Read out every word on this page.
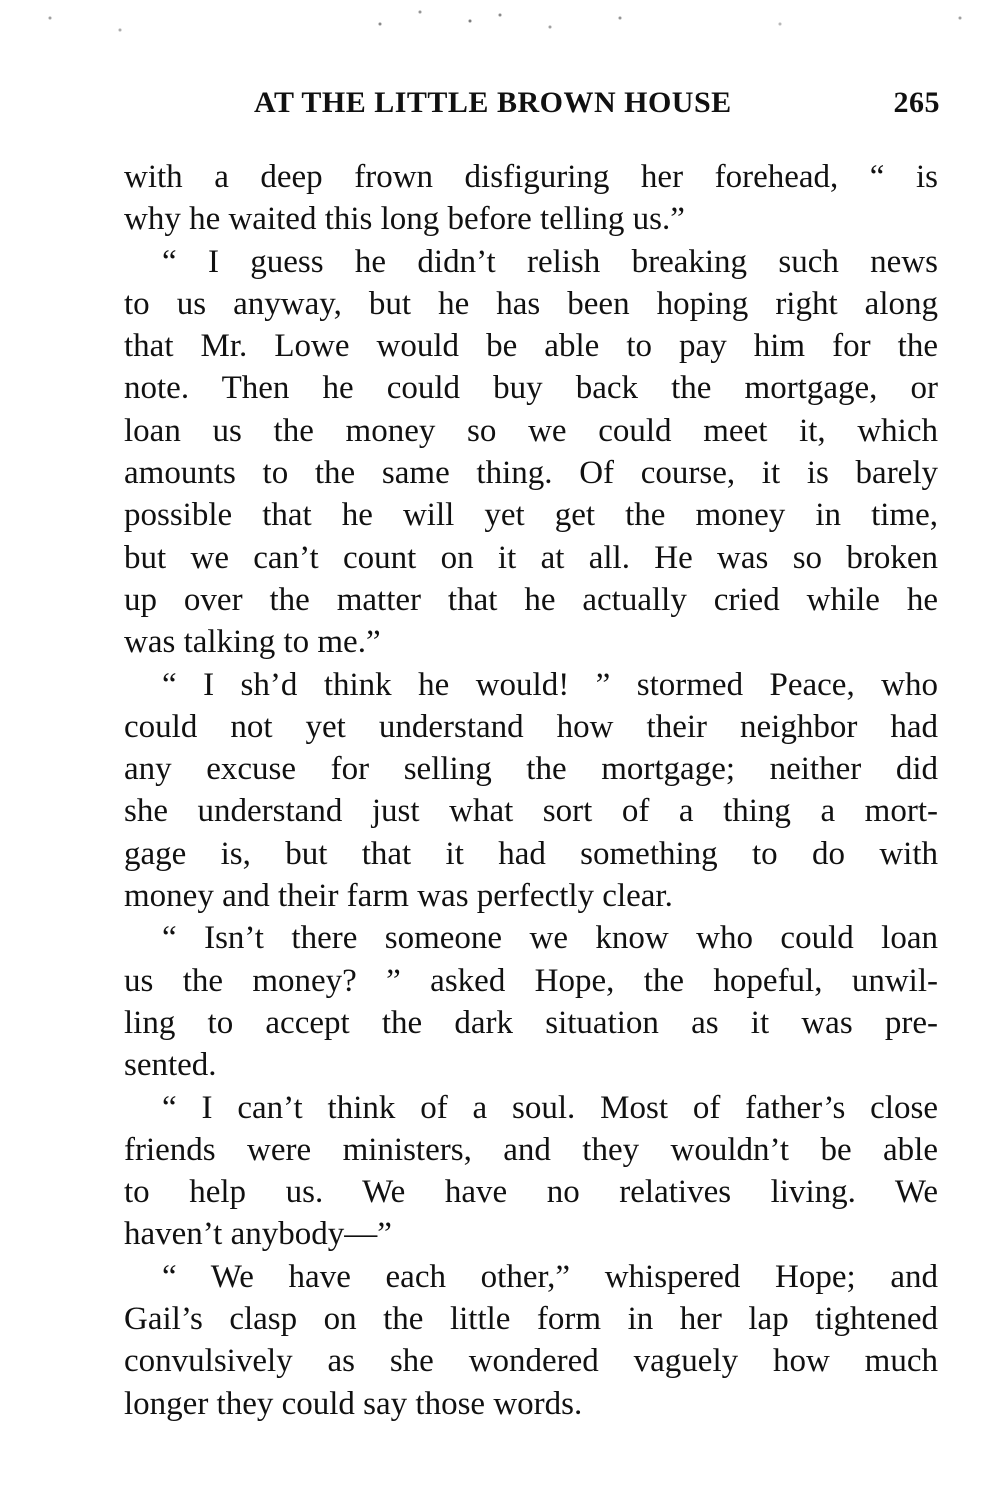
AT THE LITTLE BROWN HOUSE	265
with a deep frown disfiguring her forehead, “ is
why he waited this long before telling us.”
“ I guess he didn’t relish breaking such news
to us anyway, but he has been hoping right along
that Mr. Lowe would be able to pay him for the
note. Then he could buy back the mortgage, or
loan us the money so we could meet it, which
amounts to the same thing. Of course, it is barely
possible that he will yet get the money in time,
but we can’t count on it at all. He was so broken
up over the matter that he actually cried while he
was talking to me.”
“ I sh’d think he would! ” stormed Peace, who
could not yet understand how their neighbor had
any excuse for selling the mortgage; neither did
she understand just what sort of a thing a mort-
gage is, but that it had something to do with
money and their farm was perfectly clear.
“ Isn’t there someone we know who could loan
us the money? ” asked Hope, the hopeful, unwil-
ling to accept the dark situation as it was pre-
sented.
“ I can’t think of a soul. Most of father’s close
friends were ministers, and they wouldn’t be able
to help us. We have no relatives living. We
haven’t anybody—”
“ We have each other,” whispered Hope; and
Gail’s clasp on the little form in her lap tightened
convulsively as she wondered vaguely how much
longer they could say those words.
